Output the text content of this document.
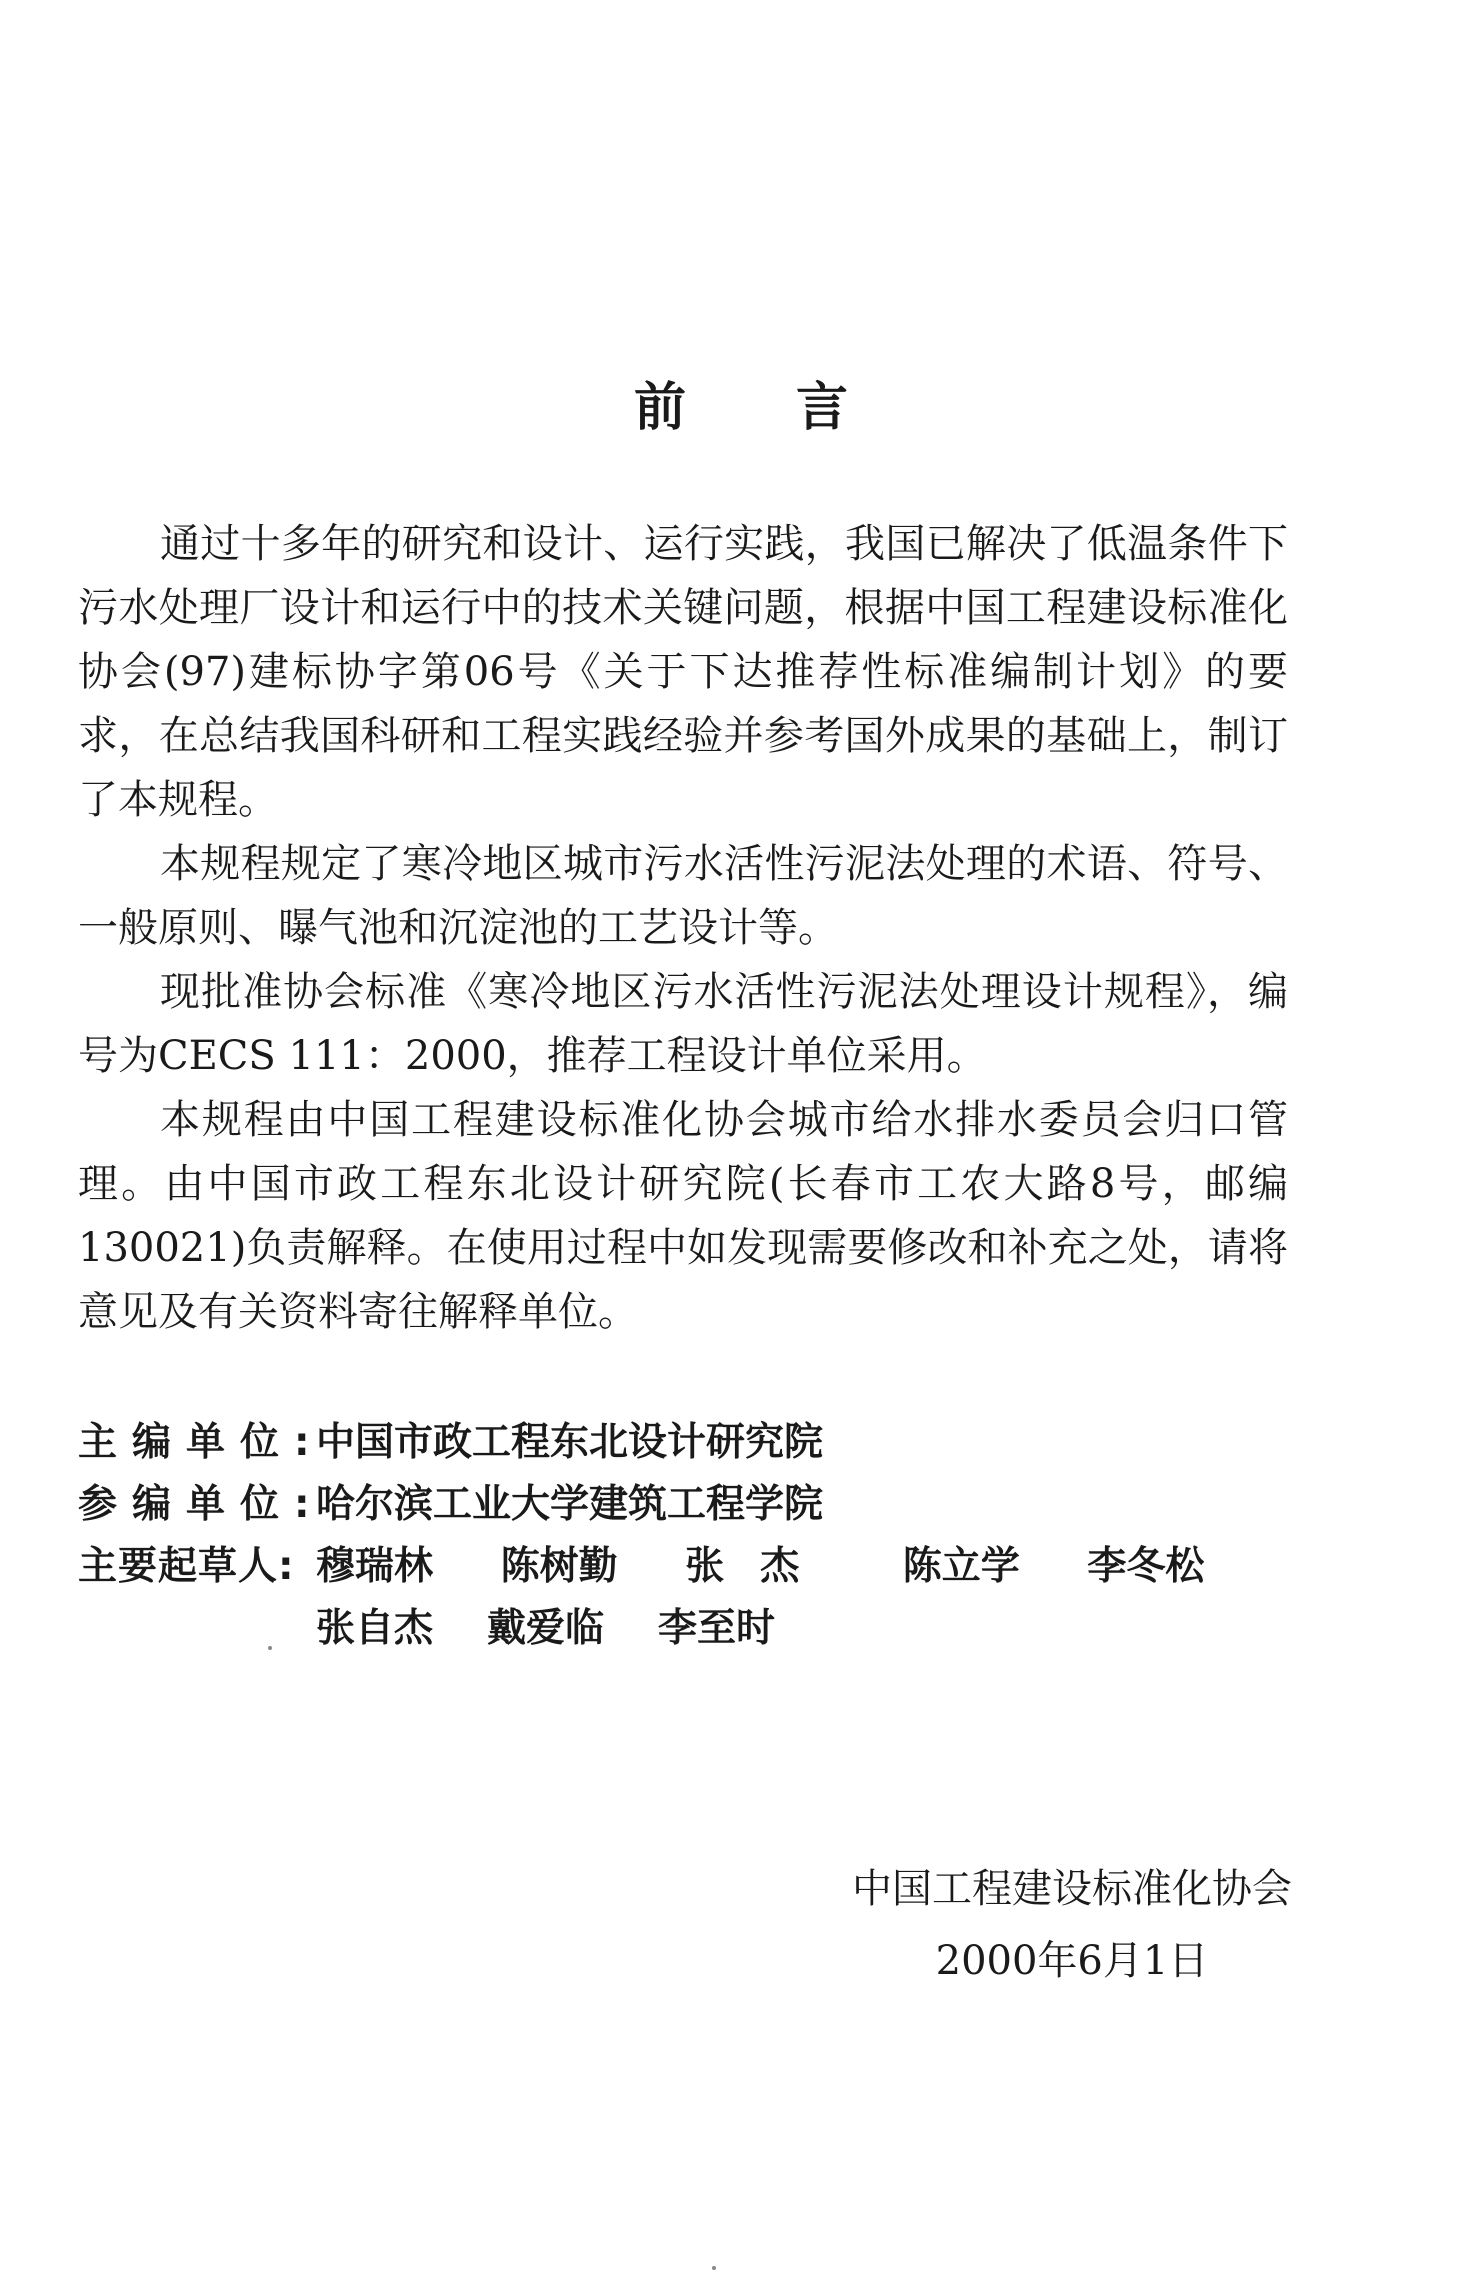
前言

通过十多年的研究和设计、运行实践，我国已解决了低温条件下污水处理厂设计和运行中的技术关键问题，根据中国工程建设标准化协会(97)建标协字第06号《关于下达推荐性标准编制计划》的要求，在总结我国科研和工程实践经验并参考国外成果的基础上，制订了本规程。

本规程规定了寒冷地区城市污水活性污泥法处理的术语、符号、一般原则、曝气池和沉淀池的工艺设计等。

现批准协会标准《寒冷地区污水活性污泥法处理设计规程》，编号为CECS 111：2000，推荐工程设计单位采用。

本规程由中国工程建设标准化协会城市给水排水委员会归口管理。由中国市政工程东北设计研究院(长春市工农大路8号，邮编130021)负责解释。在使用过程中如发现需要修改和补充之处，请将意见及有关资料寄往解释单位。

主编单位:
中国市政工程东北设计研究院
参编单位:
哈尔滨工业大学建筑工程学院
主要起草人: 穆瑞林 陈树勤 张杰 陈立学 李冬松
张自杰 戴爱临 李至时
中国工程建设标准化协会
2000年6月1日
